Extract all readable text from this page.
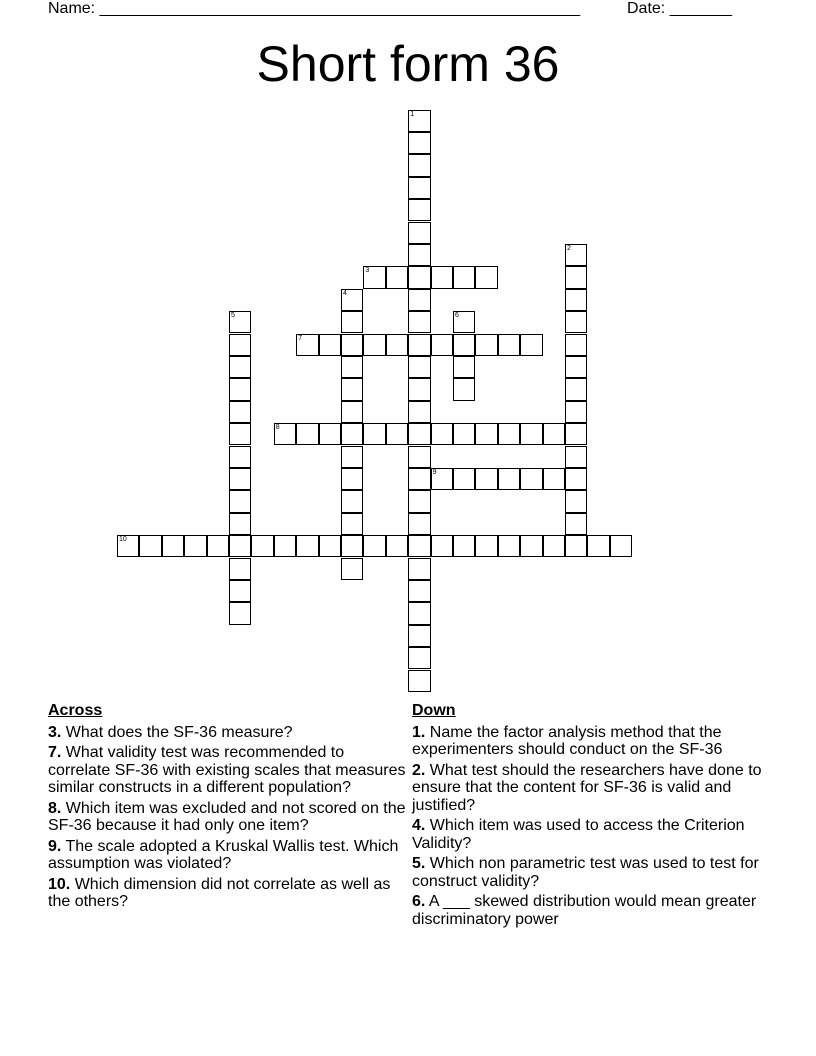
Name: ______________________________________________________	Date: _______
Short form 36
1
2
3
4
5	6
7
8
9
10
Across
3. What does the SF-36 measure?
7. What validity test was recommended to correlate SF-36 with existing scales that measures similar constructs in a different population?
8. Which item was excluded and not scored on the SF-36 because it had only one item?
9. The scale adopted a Kruskal Wallis test. Which assumption was violated?
10. Which dimension did not correlate as well as the others?
Down
1. Name the factor analysis method that the experimenters should conduct on the SF-36
2. What test should the researchers have done to ensure that the content for SF-36 is valid and justified?
4. Which item was used to access the Criterion Validity?
5. Which non parametric test was used to test for construct validity?
6. A ___ skewed distribution would mean greater discriminatory power
